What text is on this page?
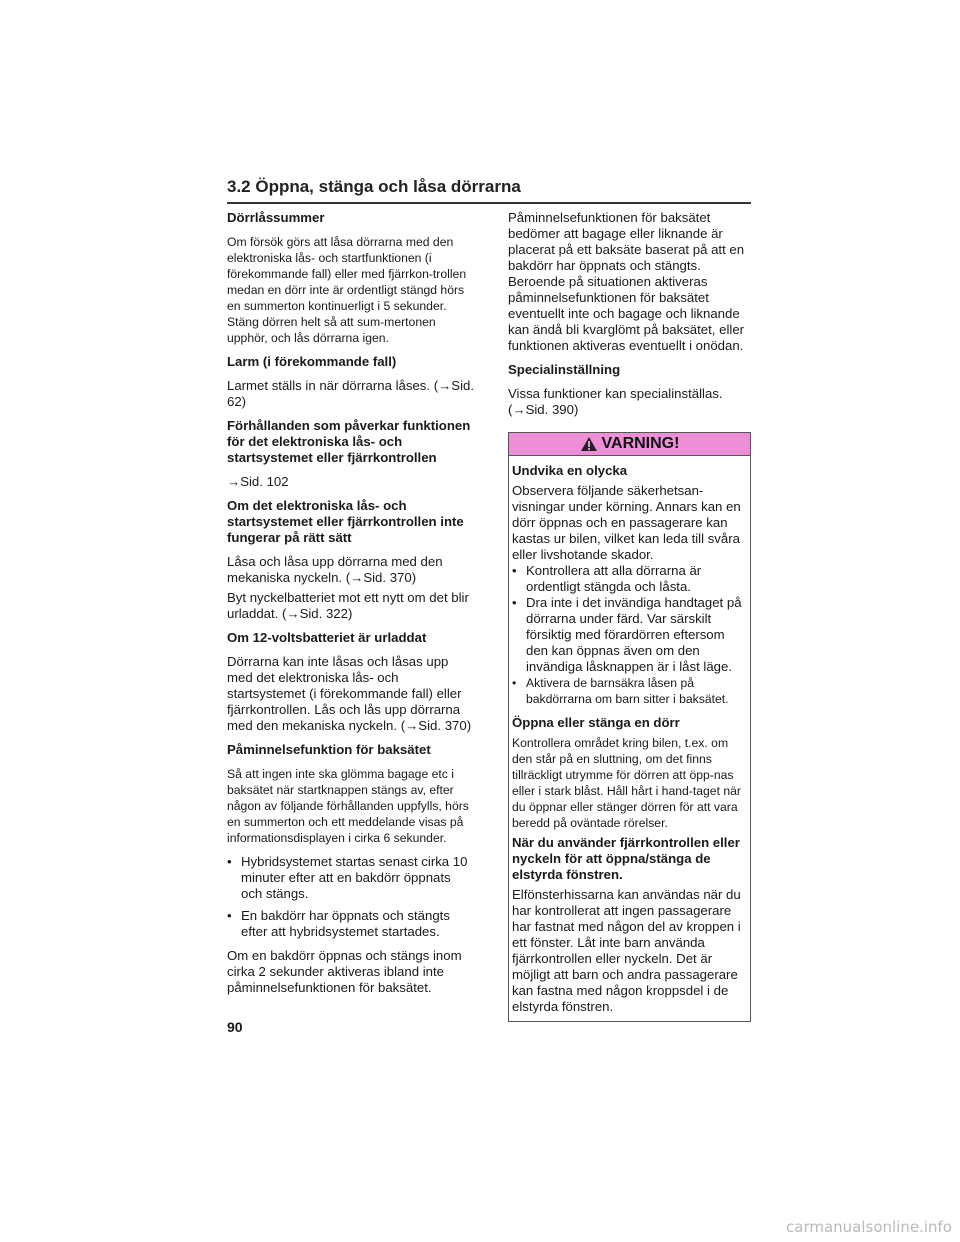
3.2 Öppna, stänga och låsa dörrarna
Dörrlåssummer
Om försök görs att låsa dörrarna med den elektroniska lås- och startfunktionen (i förekommande fall) eller med fjärrkon-trollen medan en dörr inte är ordentligt stängd hörs en summerton kontinuerligt i 5 sekunder. Stäng dörren helt så att sum-mertonen upphör, och lås dörrarna igen.
Larm (i förekommande fall)
Larmet ställs in när dörrarna låses. (→Sid. 62)
Förhållanden som påverkar funktionen för det elektroniska lås- och startsystemet eller fjärrkontrollen
→Sid. 102
Om det elektroniska lås- och startsystemet eller fjärrkontrollen inte fungerar på rätt sätt
Låsa och låsa upp dörrarna med den mekaniska nyckeln. (→Sid. 370)
Byt nyckelbatteriet mot ett nytt om det blir urladdat. (→Sid. 322)
Om 12-voltsbatteriet är urladdat
Dörrarna kan inte låsas och låsas upp med det elektroniska lås- och startsystemet (i förekommande fall) eller fjärrkontrollen. Lås och lås upp dörrarna med den mekaniska nyckeln. (→Sid. 370)
Påminnelsefunktion för baksätet
Så att ingen inte ska glömma bagage etc i baksätet när startknappen stängs av, efter någon av följande förhållanden uppfylls, hörs en summerton och ett meddelande visas på informationsdisplayen i cirka 6 sekunder.
• Hybridsystemet startas senast cirka 10 minuter efter att en bakdörr öppnats och stängs.
• En bakdörr har öppnats och stängts efter att hybridsystemet startades.
Om en bakdörr öppnas och stängs inom cirka 2 sekunder aktiveras ibland inte påminnelsefunktionen för baksätet.
Påminnelsefunktionen för baksätet bedömer att bagage eller liknande är placerat på ett baksäte baserat på att en bakdörr har öppnats och stängts. Beroende på situationen aktiveras påminnelsefunktionen för baksätet eventuellt inte och bagage och liknande kan ändå bli kvarglömt på baksätet, eller funktionen aktiveras eventuellt i onödan.
Specialinställning
Vissa funktioner kan specialinställas. (→Sid. 390)
VARNING!
Undvika en olycka
Observera följande säkerhetsan-visningar under körning. Annars kan en dörr öppnas och en passagerare kan kastas ur bilen, vilket kan leda till svåra eller livshotande skador.
• Kontrollera att alla dörrarna är ordentligt stängda och låsta.
• Dra inte i det invändiga handtaget på dörrarna under färd. Var särskilt försiktig med förardörren eftersom den kan öppnas även om den invändiga låsknappen är i låst läge.
• Aktivera de barnsäkra låsen på bakdörrarna om barn sitter i baksätet.
Öppna eller stänga en dörr
Kontrollera området kring bilen, t.ex. om den står på en sluttning, om det finns tillräckligt utrymme för dörren att öpp-nas eller i stark blåst. Håll hårt i hand-taget när du öppnar eller stänger dörren för att vara beredd på oväntade rörelser.
När du använder fjärrkontrollen eller nyckeln för att öppna/stänga de elstyrda fönstren.
Elfönsterhissarna kan användas när du har kontrollerat att ingen passagerare har fastnat med någon del av kroppen i ett fönster. Låt inte barn använda fjärrkontrollen eller nyckeln. Det är möjligt att barn och andra passagerare kan fastna med någon kroppsdel i de elstyrda fönstren.
90
carmanualsonline.info
